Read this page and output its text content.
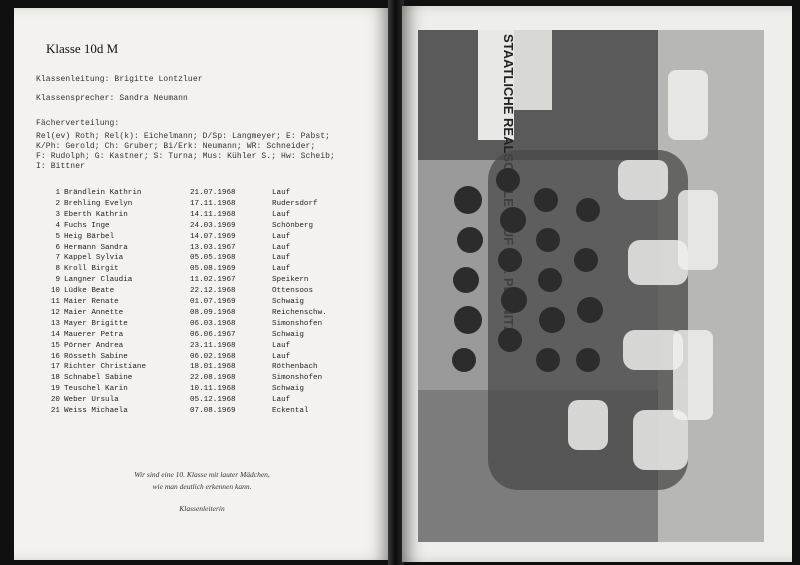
Klasse 10d M
Klassenleitung: Brigitte Lontzluer
Klassensprecher: Sandra Neumann
Fächerverteilung:
Rel(ev) Roth; Rel(k): Eichelmann; D/Sp: Langmeyer; E: Pabst;
K/Ph: Gerold; Ch: Gruber; Bi/Erk: Neumann; WR: Schneider;
F: Rudolph; G: Kastner; S: Turna; Mus: Kühler S.; Hw: Scheib;
I: Bittner
1 Brändlein Kathrin	21.07.1968	Lauf
2 Brehling Evelyn	17.11.1968	Rudersdorf
3 Eberth Kathrin	14.11.1968	Lauf
4 Fuchs Inge	24.03.1969	Schönberg
5 Heig Bärbel	14.07.1969	Lauf
6 Hermann Sandra	13.03.1967	Lauf
7 Kappel Sylvia	05.05.1968	Lauf
8 Kroll Birgit	05.08.1969	Lauf
9 Langner Claudia	11.02.1967	Speikern
10 Lüdke Beate	22.12.1968	Ottensoos
11 Maier Renate	01.07.1969	Schwaig
12 Maier Annette	08.09.1968	Reichenschw.
13 Mayer Brigitte	06.03.1968	Simonshofen
14 Mauerer Petra	06.06.1967	Schwaig
15 Pörner Andrea	23.11.1968	Lauf
16 Rösseth Sabine	06.02.1968	Lauf
17 Richter Christiane	18.01.1968	Röthenbach
18 Schnabel Sabine	22.08.1968	Simonshofen
19 Teuschel Karin	10.11.1968	Schwaig
20 Weber Ursula	05.12.1968	Lauf
21 Weiss Michaela	07.08.1969	Eckental
Wir sind eine 10. Klasse mit lauter Mädchen,
wie man deutlich erkennen kann.
Klassenleiterin
